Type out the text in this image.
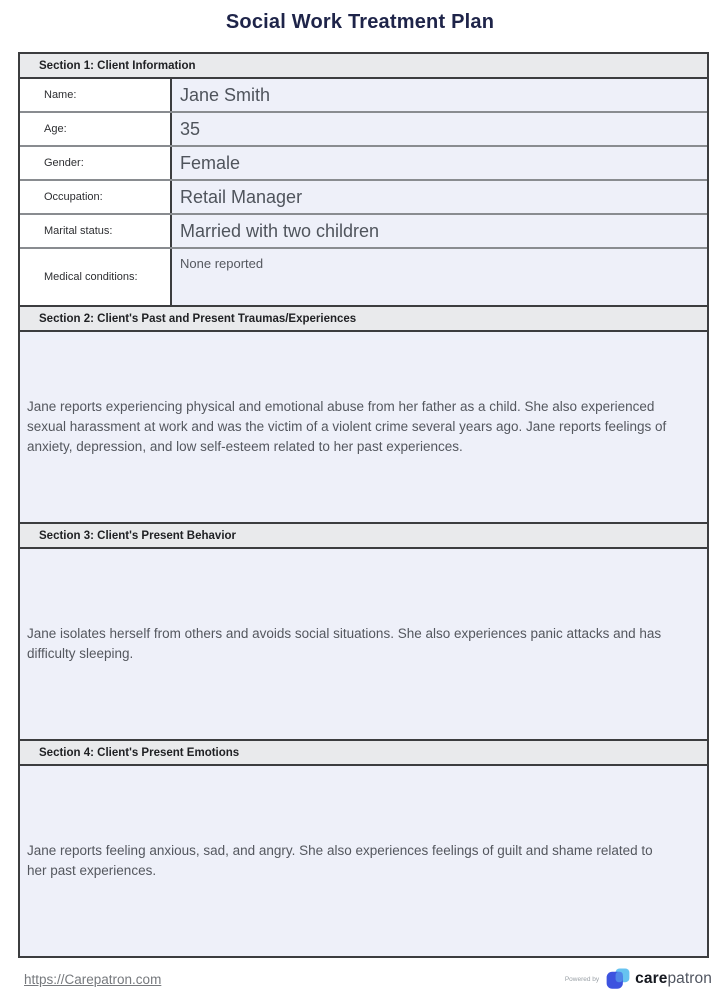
Social Work Treatment Plan
Section 1: Client Information
Name:	Jane Smith
Age:	35
Gender:	Female
Occupation:	Retail Manager
Marital status:	Married with two children
Medical conditions:
None reported
Section 2: Client's Past and Present Traumas/Experiences

Jane reports experiencing physical and emotional abuse from her father as a child. She also experienced sexual harassment at work and was the victim of a violent crime several years ago. Jane reports feelings of anxiety, depression, and low self-esteem related to her past experiences.

Section 3: Client's Present Behavior

Jane isolates herself from others and avoids social situations. She also experiences panic attacks and has difficulty sleeping.

Section 4: Client's Present Emotions

Jane reports feeling anxious, sad, and angry. She also experiences feelings of guilt and shame related to her past experiences.

https://Carepatron.com	Powered by carepatron
